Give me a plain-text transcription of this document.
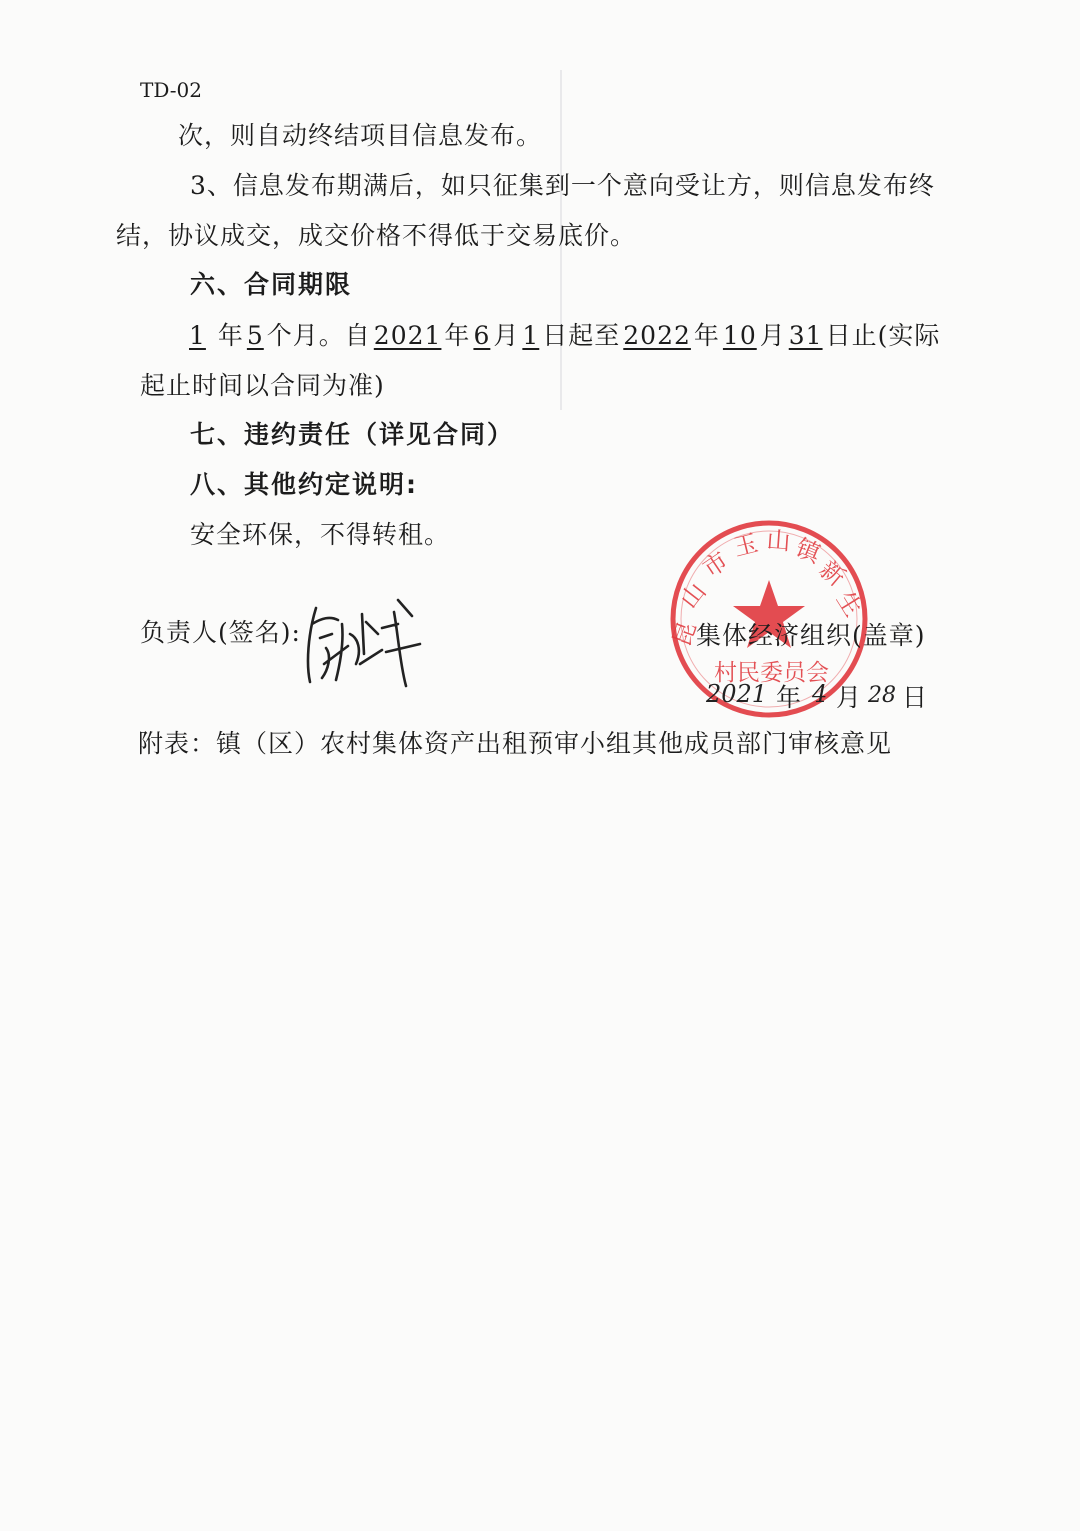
TD-02
次，则自动终结项目信息发布。
3、信息发布期满后，如只征集到一个意向受让方，则信息发布终
结，协议成交，成交价格不得低于交易底价。
六、合同期限
1 年 5 个月。自 2021 年 6 月 1 日起至 2022 年 10 月 31 日止(实际
起止时间以合同为准)
七、违约责任（详见合同）
八、其他约定说明:
安全环保，不得转租。
负责人(签名):	昆
山
市
玉 山 镇
新
生
村民委员会
集体经济组织(盖章)
2021 4 28
年 月 日
附表：镇（区）农村集体资产出租预审小组其他成员部门审核意见
